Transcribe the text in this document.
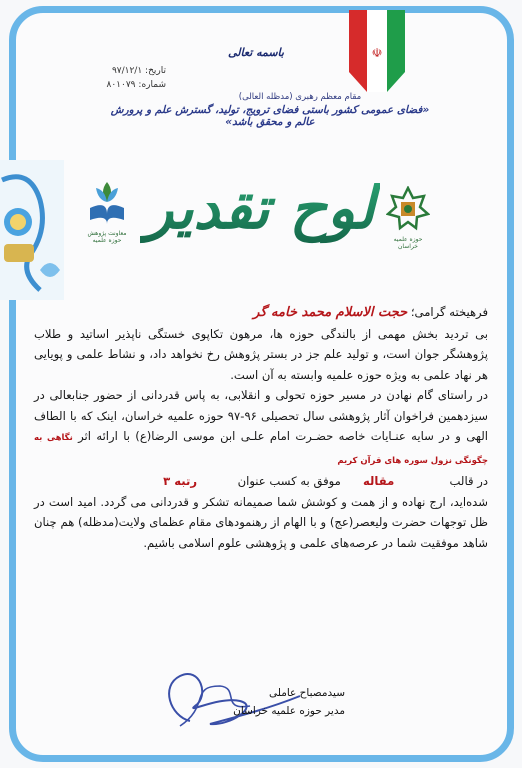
☫
باسمه تعالی
تاریخ: ۹۷/۱۲/۱
شماره: ۸۰۱۰۷۹
مقام معظم رهبری (مدظله العالی)
«فضای عمومی کشور باستی فضای ترویج، تولید، گسترش علم و پرورش عالم و محقق باشد»
معاونت پژوهش حوزه علمیه	حوزه علمیه خراسان
لوح تقدیر

فرهیخته گرامی؛ حجت الاسلام محمد خامه گر

بی تردید بخش مهمی از بالندگی حوزه ها، مرهون تکاپوی خستگی ناپذیر اساتید و طلاب پژوهشگر جوان است، و تولید علم جز در بستر پژوهش رخ نخواهد داد، و نشاط علمی و پویایی هر نهاد علمی به ویژه حوزه علمیه وابسته به آن است.

در راستای گام نهادن در مسیر حوزه تحولی و انقلابی، به پاس قدردانی از حضور جنابعالی در سیزدهمین فراخوان آثار پژوهشی سال تحصیلی ۹۶-۹۷ حوزه علمیه خراسان، اینک که با الطاف الهی و در سایه عنـایات خاصه حضـرت امام علـی ابن موسی الرضا(ع) با ارائه اثر نگاهی به چگونگی نزول سوره های قرآن کریم

در قالب               مقاله      موفق به کسب عنوان           رتبه ۳

شده‌اید، ارج نهاده و از همت و کوشش شما صمیمانه تشکر و قدردانی می گردد. امید است در ظل توجهات حضرت ولیعصر(عج) و با الهام از رهنمودهای مقام عظمای ولایت(مدظله) هم چنان شاهد موفقیت شما در عرصه‌های علمی و پژوهشی علوم اسلامی باشیم.

سیدمصباح عاملی
مدیر حوزه علمیه خراسان
